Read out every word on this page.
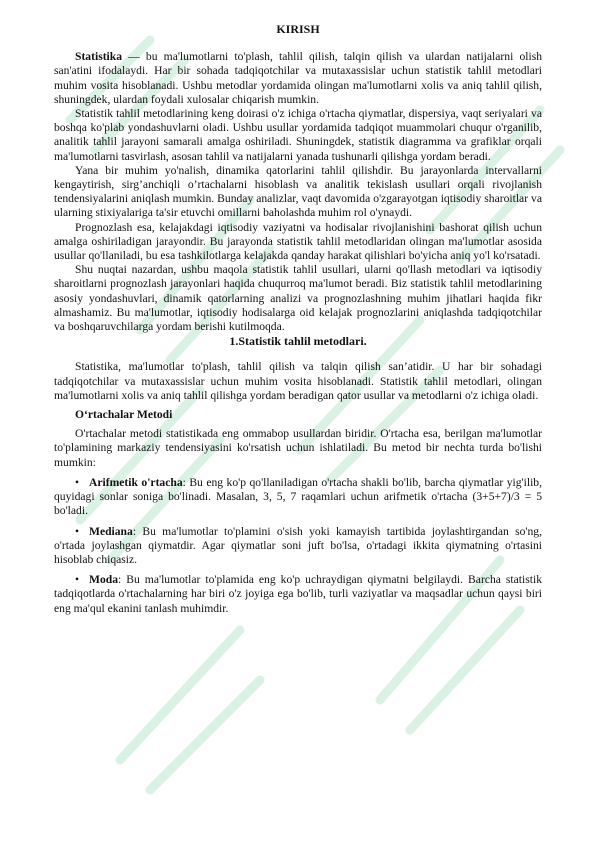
KIRISH

Statistika — bu ma'lumotlarni to'plash, tahlil qilish, talqin qilish va ulardan natijalarni olish san'atini ifodalaydi. Har bir sohada tadqiqotchilar va mutaxassislar uchun statistik tahlil metodlari muhim vosita hisoblanadi. Ushbu metodlar yordamida olingan ma'lumotlarni xolis va aniq tahlil qilish, shuningdek, ulardan foydali xulosalar chiqarish mumkin.

Statistik tahlil metodlarining keng doirasi o'z ichiga o'rtacha qiymatlar, dispersiya, vaqt seriyalari va boshqa ko'plab yondashuvlarni oladi. Ushbu usullar yordamida tadqiqot muammolari chuqur o'rganilib, analitik tahlil jarayoni samarali amalga oshiriladi. Shuningdek, statistik diagramma va grafiklar orqali ma'lumotlarni tasvirlash, asosan tahlil va natijalarni yanada tushunarli qilishga yordam beradi.

Yana bir muhim yo'nalish, dinamika qatorlarini tahlil qilishdir. Bu jarayonlarda intervallarni kengaytirish, sirg’anchiqli o’rtachalarni hisoblash va analitik tekislash usullari orqali rivojlanish tendensiyalarini aniqlash mumkin. Bunday analizlar, vaqt davomida o'zgarayotgan iqtisodiy sharoitlar va ularning stixiyalariga ta'sir etuvchi omillarni baholashda muhim rol o'ynaydi.

Prognozlash esa, kelajakdagi iqtisodiy vaziyatni va hodisalar rivojlanishini bashorat qilish uchun amalga oshiriladigan jarayondir. Bu jarayonda statistik tahlil metodlaridan olingan ma'lumotlar asosida usullar qo'llaniladi, bu esa tashkilotlarga kelajakda qanday harakat qilishlari bo'yicha aniq yo'l ko'rsatadi.

Shu nuqtai nazardan, ushbu maqola statistik tahlil usullari, ularni qo'llash metodlari va iqtisodiy sharoitlarni prognozlash jarayonlari haqida chuqurroq ma'lumot beradi. Biz statistik tahlil metodlarining asosiy yondashuvlari, dinamik qatorlarning analizi va prognozlashning muhim jihatlari haqida fikr almashamiz. Bu ma'lumotlar, iqtisodiy hodisalarga oid kelajak prognozlarini aniqlashda tadqiqotchilar va boshqaruvchilarga yordam berishi kutilmoqda.

1.Statistik tahlil metodlari.

Statistika, ma'lumotlar to'plash, tahlil qilish va talqin qilish san’atidir. U har bir sohadagi tadqiqotchilar va mutaxassislar uchun muhim vosita hisoblanadi. Statistik tahlil metodlari, olingan ma'lumotlarni xolis va aniq tahlil qilishga yordam beradigan qator usullar va metodlarni o'z ichiga oladi.

O‘rtachalar Metodi

O'rtachalar metodi statistikada eng ommabop usullardan biridir. O'rtacha esa, berilgan ma'lumotlar to'plamining markaziy tendensiyasini ko'rsatish uchun ishlatiladi. Bu metod bir nechta turda bo'lishi mumkin:

• Arifmetik o'rtacha: Bu eng ko'p qo'llaniladigan o'rtacha shakli bo'lib, barcha qiymatlar yig'ilib, quyidagi sonlar soniga bo'linadi. Masalan, 3, 5, 7 raqamlari uchun arifmetik o'rtacha (3+5+7)/3 = 5 bo'ladi.
• Mediana: Bu ma'lumotlar to'plamini o'sish yoki kamayish tartibida joylashtirgandan so'ng, o'rtada joylashgan qiymatdir. Agar qiymatlar soni juft bo'lsa, o'rtadagi ikkita qiymatning o'rtasini hisoblab chiqasiz.
• Moda: Bu ma'lumotlar to'plamida eng ko'p uchraydigan qiymatni belgilaydi. Barcha statistik tadqiqotlarda o'rtachalarning har biri o'z joyiga ega bo'lib, turli vaziyatlar va maqsadlar uchun qaysi biri eng ma'qul ekanini tanlash muhimdir.
